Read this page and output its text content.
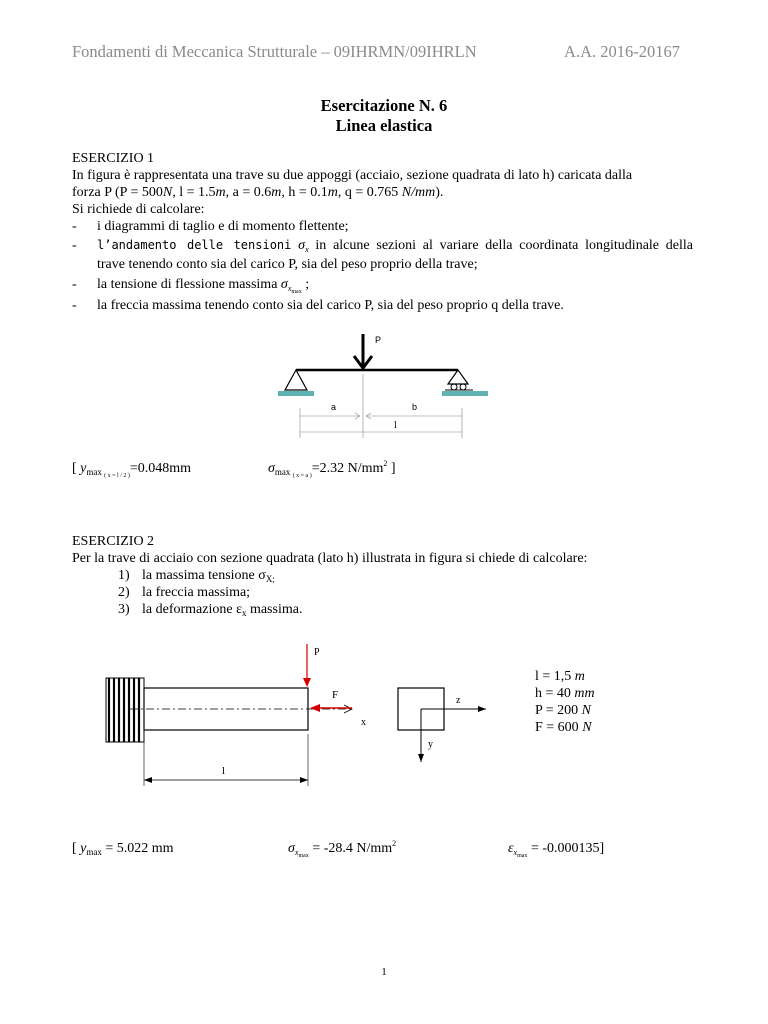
Fondamenti di Meccanica Strutturale – 09IHRMN/09IHRLN	A.A. 2016-20167
Esercitazione N. 6
Linea elastica
ESERCIZIO 1
In figura è rappresentata una trave su due appoggi (acciaio, sezione quadrata di lato h) caricata dalla
forza P (P = 500N, l = 1.5m, a = 0.6m, h = 0.1m, q = 0.765 N/mm).
Si richiede di calcolare:
- i diagrammi di taglio e di momento flettente;
- l’andamento delle tensioni $\sigma_x$ in alcune sezioni al variare della coordinata longitudinale della
trave tenendo conto sia del carico P, sia del peso proprio della trave;
- la tensione di flessione massima $\sigma_{x_{max}}$ ;
- la freccia massima tenendo conto sia del carico P, sia del peso proprio q della trave.
P
a	b
l
[ $y_{max _{( x = l / 2 )}}=0.048mm$	$\sigma_{max _{( x = a )}}=2.32$ $N/mm^2$ ]
ESERCIZIO 2
Per la trave di acciaio con sezione quadrata (lato h) illustrata in figura si chiede di calcolare:
1) la massima tensione $\sigma_{X;}$
2) la freccia massima;
3) la deformazione $\varepsilon_x$ massima.
x
P
F
l
z
y
l = 1,5 m
h = 40 mm
P = 200 N
F = 600 N
[ $y_{max} = 5.022$ mm	$\sigma_{x_{max}} = -28.4$ $N/mm^2$	$\varepsilon_{x_{max}} = -0.000135$]
1
